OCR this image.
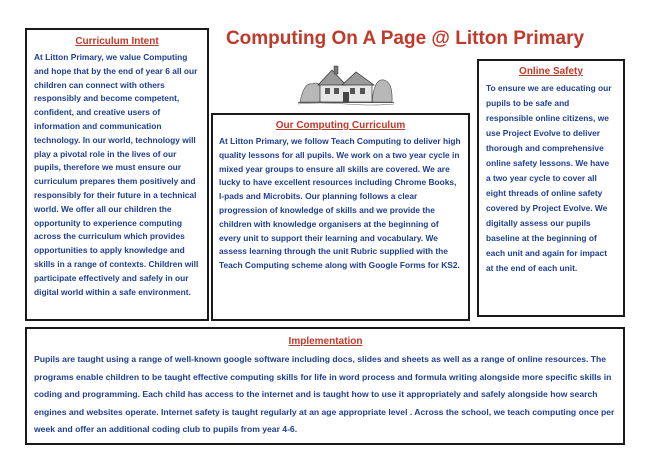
Computing On A Page @ Litton Primary
Curriculum Intent
At Litton Primary, we value Computing and hope that by the end of year 6 all our children can connect with others responsibly and become competent, confident, and creative users of information and communication technology. In our world, technology will play a pivotal role in the lives of our pupils, therefore we must ensure our curriculum prepares them positively and responsibly for their future in a technical world. We offer all our children the opportunity to experience computing across the curriculum which provides opportunities to apply knowledge and skills in a range of contexts. Children will participate effectively and safely in our digital world within a safe environment.
Our Computing Curriculum
At Litton Primary, we follow Teach Computing to deliver high quality lessons for all pupils. We work on a two year cycle in mixed year groups to ensure all skills are covered. We are lucky to have excellent resources including Chrome Books, I-pads and Microbits. Our planning follows a clear progression of knowledge of skills and we provide the children with knowledge organisers at the beginning of every unit to support their learning and vocabulary. We assess learning through the unit Rubric supplied with the Teach Computing scheme along with Google Forms for KS2.
Online Safety
To ensure we are educating our pupils to be safe and responsible online citizens, we use Project Evolve to deliver thorough and comprehensive online safety lessons. We have a two year cycle to cover all eight threads of online safety covered by Project Evolve. We digitally assess our pupils baseline at the beginning of each unit and again for impact at the end of each unit.
Implementation
Pupils are taught using a range of well-known google software including docs, slides and sheets as well as a range of online resources. The programs enable children to be taught effective computing skills for life in word process and formula writing alongside more specific skills in coding and programming. Each child has access to the internet and is taught how to use it appropriately and safely alongside how search engines and websites operate. Internet safety is taught regularly at an age appropriate level . Across the school, we teach computing once per week and offer an additional coding club to pupils from year 4-6.
